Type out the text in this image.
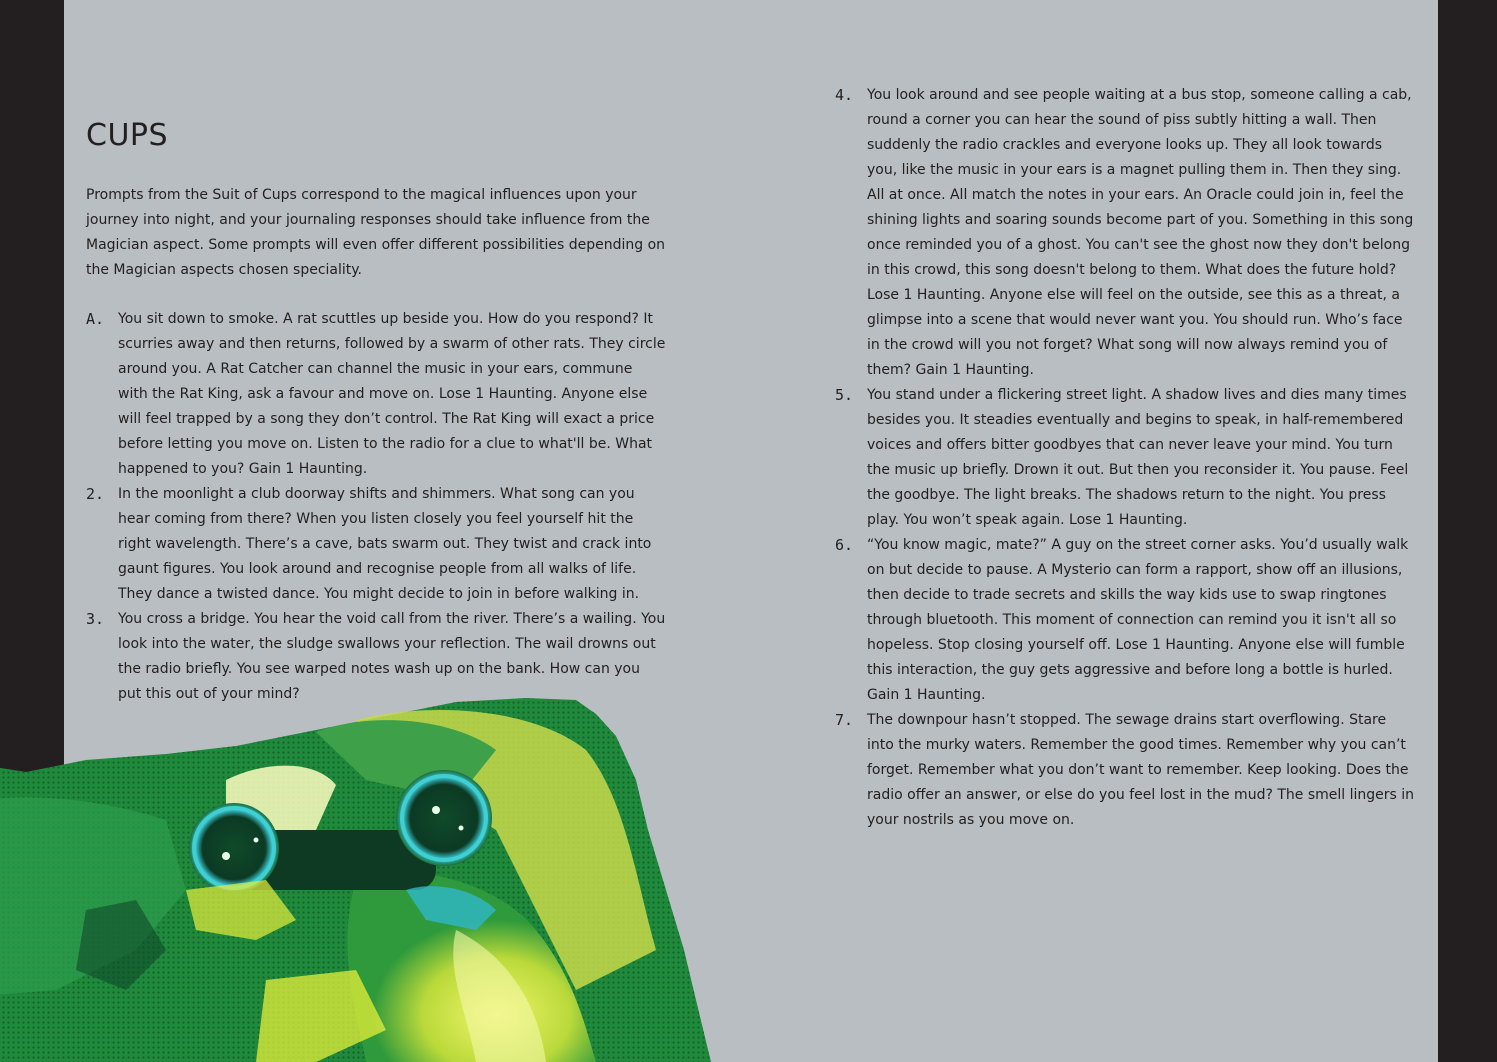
CUPS

Prompts from the Suit of Cups correspond to the magical influences upon your journey into night, and your journaling responses should take influence from the Magician aspect. Some prompts will even offer different possibilities depending on the Magician aspects chosen speciality.

A. You sit down to smoke. A rat scuttles up beside you. How do you respond? It scurries away and then returns, followed by a swarm of other rats. They circle around you. A Rat Catcher can channel the music in your ears, commune with the Rat King, ask a favour and move on. Lose 1 Haunting. Anyone else will feel trapped by a song they don’t control. The Rat King will exact a price before letting you move on. Listen to the radio for a clue to what'll be. What happened to you? Gain 1 Haunting.
2. In the moonlight a club doorway shifts and shimmers. What song can you hear coming from there? When you listen closely you feel yourself hit the right wavelength. There’s a cave, bats swarm out. They twist and crack into gaunt figures. You look around and recognise people from all walks of life. They dance a twisted dance. You might decide to join in before walking in.
3. You cross a bridge. You hear the void call from the river. There’s a wailing. You look into the water, the sludge swallows your reflection. The wail drowns out the radio briefly. You see warped notes wash up on the bank. How can you put this out of your mind?
4. You look around and see people waiting at a bus stop, someone calling a cab, round a corner you can hear the sound of piss subtly hitting a wall. Then suddenly the radio crackles and everyone looks up. They all look towards you, like the music in your ears is a magnet pulling them in. Then they sing. All at once. All match the notes in your ears. An Oracle could join in, feel the shining lights and soaring sounds become part of you. Something in this song once reminded you of a ghost. You can't see the ghost now they don't belong in this crowd, this song doesn't belong to them. What does the future hold? Lose 1 Haunting. Anyone else will feel on the outside, see this as a threat, a glimpse into a scene that would never want you. You should run. Who’s face in the crowd will you not forget? What song will now always remind you of them? Gain 1 Haunting.
5. You stand under a flickering street light. A shadow lives and dies many times besides you. It steadies eventually and begins to speak, in half-remembered voices and offers bitter goodbyes that can never leave your mind. You turn the music up briefly. Drown it out. But then you reconsider it. You pause. Feel the goodbye. The light breaks. The shadows return to the night. You press play. You won’t speak again. Lose 1 Haunting.
6. “You know magic, mate?” A guy on the street corner asks. You’d usually walk on but decide to pause. A Mysterio can form a rapport, show off an illusions, then decide to trade secrets and skills the way kids use to swap ringtones through bluetooth. This moment of connection can remind you it isn't all so hopeless. Stop closing yourself off. Lose 1 Haunting. Anyone else will fumble this interaction, the guy gets aggressive and before long a bottle is hurled. Gain 1 Haunting.
7. The downpour hasn’t stopped. The sewage drains start overflowing. Stare into the murky waters. Remember the good times. Remember why you can’t forget. Remember what you don’t want to remember. Keep looking. Does the radio offer an answer, or else do you feel lost in the mud? The smell lingers in your nostrils as you move on.
